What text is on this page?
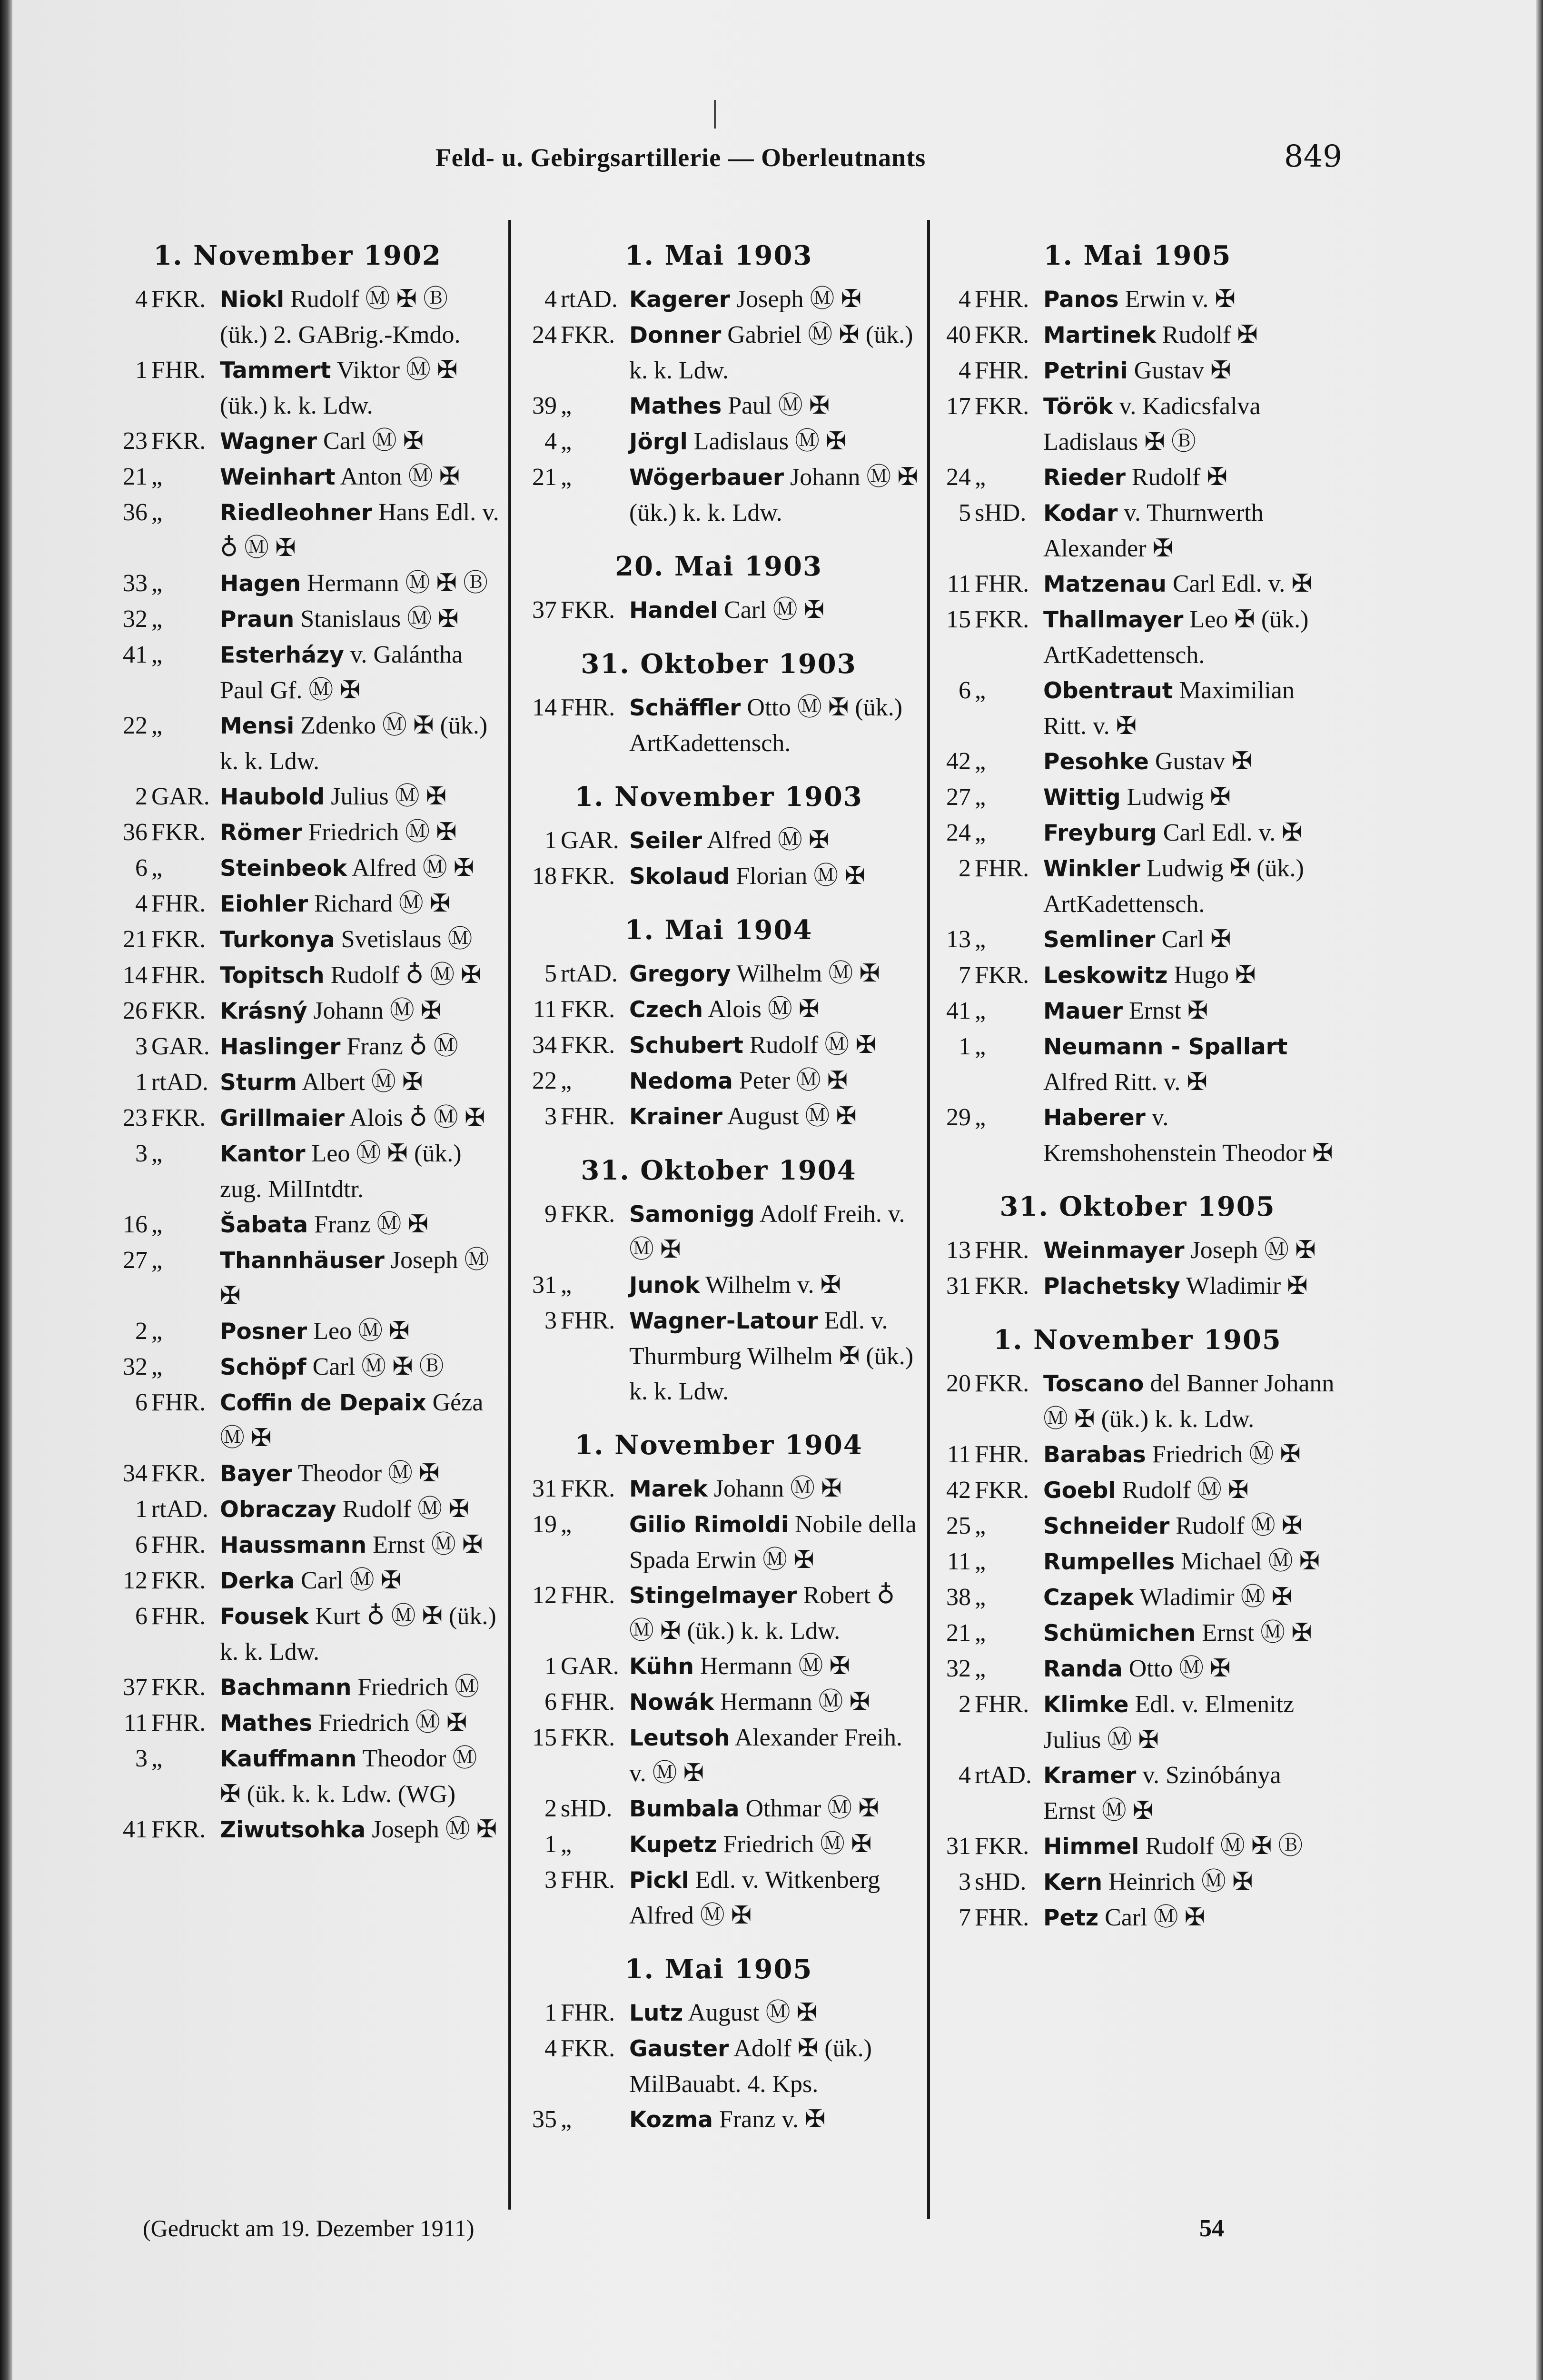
Feld- u. Gebirgsartillerie — Oberleutnants	849
1. November 1902
4 FKR. Niokl Rudolf Ⓜ ✠ Ⓑ (ük.) 2. GABrig.-Kmdo.
1 FHR. Tammert Viktor Ⓜ ✠ (ük.) k. k. Ldw.
23 FKR. Wagner Carl Ⓜ ✠
21 „	Weinhart Anton Ⓜ ✠
36 „	Riedleohner Hans Edl. v. ♁ Ⓜ ✠
33 „	Hagen Hermann Ⓜ ✠ Ⓑ
32 „	Praun Stanislaus Ⓜ ✠
41 „	Esterházy v. Galántha Paul Gf. Ⓜ ✠
22 „	Mensi Zdenko Ⓜ ✠ (ük.) k. k. Ldw.
2 GAR. Haubold Julius Ⓜ ✠
36 FKR. Römer Friedrich Ⓜ ✠
6 „	Steinbeok Alfred Ⓜ ✠
4 FHR. Eiohler Richard Ⓜ ✠
21 FKR. Turkonya Svetislaus Ⓜ
14 FHR. Topitsch Rudolf ♁ Ⓜ ✠
26 FKR. Krásný Johann Ⓜ ✠
3 GAR. Haslinger Franz ♁ Ⓜ
1 rtAD. Sturm Albert Ⓜ ✠
23 FKR. Grillmaier Alois ♁ Ⓜ ✠
3 „	Kantor Leo Ⓜ ✠ (ük.) zug. MilIntdtr.
16 „	Šabata Franz Ⓜ ✠
27 „	Thannhäuser Joseph Ⓜ ✠
2 „	Posner Leo Ⓜ ✠
32 „	Schöpf Carl Ⓜ ✠ Ⓑ
6 FHR. Coffin de Depaix Géza Ⓜ ✠
34 FKR. Bayer Theodor Ⓜ ✠
1 rtAD. Obraczay Rudolf Ⓜ ✠
6 FHR. Haussmann Ernst Ⓜ ✠
12 FKR. Derka Carl Ⓜ ✠
6 FHR. Fousek Kurt ♁ Ⓜ ✠ (ük.) k. k. Ldw.
37 FKR. Bachmann Friedrich Ⓜ
11 FHR. Mathes Friedrich Ⓜ ✠
3 „	Kauffmann Theodor Ⓜ ✠ (ük. k. k. Ldw. (WG)
41 FKR. Ziwutsohka Joseph Ⓜ ✠
1. Mai 1903
4 rtAD. Kagerer Joseph Ⓜ ✠
24 FKR. Donner Gabriel Ⓜ ✠ (ük.) k. k. Ldw.
39 „	Mathes Paul Ⓜ ✠
4 „	Jörgl Ladislaus Ⓜ ✠
21 „	Wögerbauer Johann Ⓜ ✠ (ük.) k. k. Ldw.
20. Mai 1903
37 FKR. Handel Carl Ⓜ ✠
31. Oktober 1903
14 FHR. Schäffler Otto Ⓜ ✠ (ük.) ArtKadettensch.
1. November 1903
1 GAR. Seiler Alfred Ⓜ ✠
18 FKR. Skolaud Florian Ⓜ ✠
1. Mai 1904
5 rtAD. Gregory Wilhelm Ⓜ ✠
11 FKR. Czech Alois Ⓜ ✠
34 FKR. Schubert Rudolf Ⓜ ✠
22 „	Nedoma Peter Ⓜ ✠
3 FHR. Krainer August Ⓜ ✠
31. Oktober 1904
9 FKR. Samonigg Adolf Freih. v. Ⓜ ✠
31 „	Junok Wilhelm v. ✠
3 FHR. Wagner-Latour Edl. v. Thurmburg Wilhelm ✠ (ük.) k. k. Ldw.
1. November 1904
31 FKR. Marek Johann Ⓜ ✠
19 „	Gilio Rimoldi Nobile della Spada Erwin Ⓜ ✠
12 FHR. Stingelmayer Robert ♁ Ⓜ ✠ (ük.) k. k. Ldw.
1 GAR. Kühn Hermann Ⓜ ✠
6 FHR. Nowák Hermann Ⓜ ✠
15 FKR. Leutsoh Alexander Freih. v. Ⓜ ✠
2 sHD. Bumbala Othmar Ⓜ ✠
1 „	Kupetz Friedrich Ⓜ ✠
3 FHR. Pickl Edl. v. Witkenberg Alfred Ⓜ ✠
1. Mai 1905
1 FHR. Lutz August Ⓜ ✠
4 FKR. Gauster Adolf ✠ (ük.) MilBauabt. 4. Kps.
35 „	Kozma Franz v. ✠
1. Mai 1905
4 FHR. Panos Erwin v. ✠
40 FKR. Martinek Rudolf ✠
4 FHR. Petrini Gustav ✠
17 FKR. Török v. Kadicsfalva Ladislaus ✠ Ⓑ
24 „	Rieder Rudolf ✠
5 sHD. Kodar v. Thurnwerth Alexander ✠
11 FHR. Matzenau Carl Edl. v. ✠
15 FKR. Thallmayer Leo ✠ (ük.) ArtKadettensch.
6 „	Obentraut Maximilian Ritt. v. ✠
42 „	Pesohke Gustav ✠
27 „	Wittig Ludwig ✠
24 „	Freyburg Carl Edl. v. ✠
2 FHR. Winkler Ludwig ✠ (ük.) ArtKadettensch.
13 „	Semliner Carl ✠
7 FKR. Leskowitz Hugo ✠
41 „	Mauer Ernst ✠
1 „	Neumann - Spallart Alfred Ritt. v. ✠
29 „	Haberer v. Kremshohenstein Theodor ✠
31. Oktober 1905
13 FHR. Weinmayer Joseph Ⓜ ✠
31 FKR. Plachetsky Wladimir ✠
1. November 1905
20 FKR. Toscano del Banner Johann Ⓜ ✠ (ük.) k. k. Ldw.
11 FHR. Barabas Friedrich Ⓜ ✠
42 FKR. Goebl Rudolf Ⓜ ✠
25 „	Schneider Rudolf Ⓜ ✠
11 „	Rumpelles Michael Ⓜ ✠
38 „	Czapek Wladimir Ⓜ ✠
21 „	Schümichen Ernst Ⓜ ✠
32 „	Randa Otto Ⓜ ✠
2 FHR. Klimke Edl. v. Elmenitz Julius Ⓜ ✠
4 rtAD. Kramer v. Szinóbánya Ernst Ⓜ ✠
31 FKR. Himmel Rudolf Ⓜ ✠ Ⓑ
3 sHD. Kern Heinrich Ⓜ ✠
7 FHR. Petz Carl Ⓜ ✠
(Gedruckt am 19. Dezember 1911)	54
